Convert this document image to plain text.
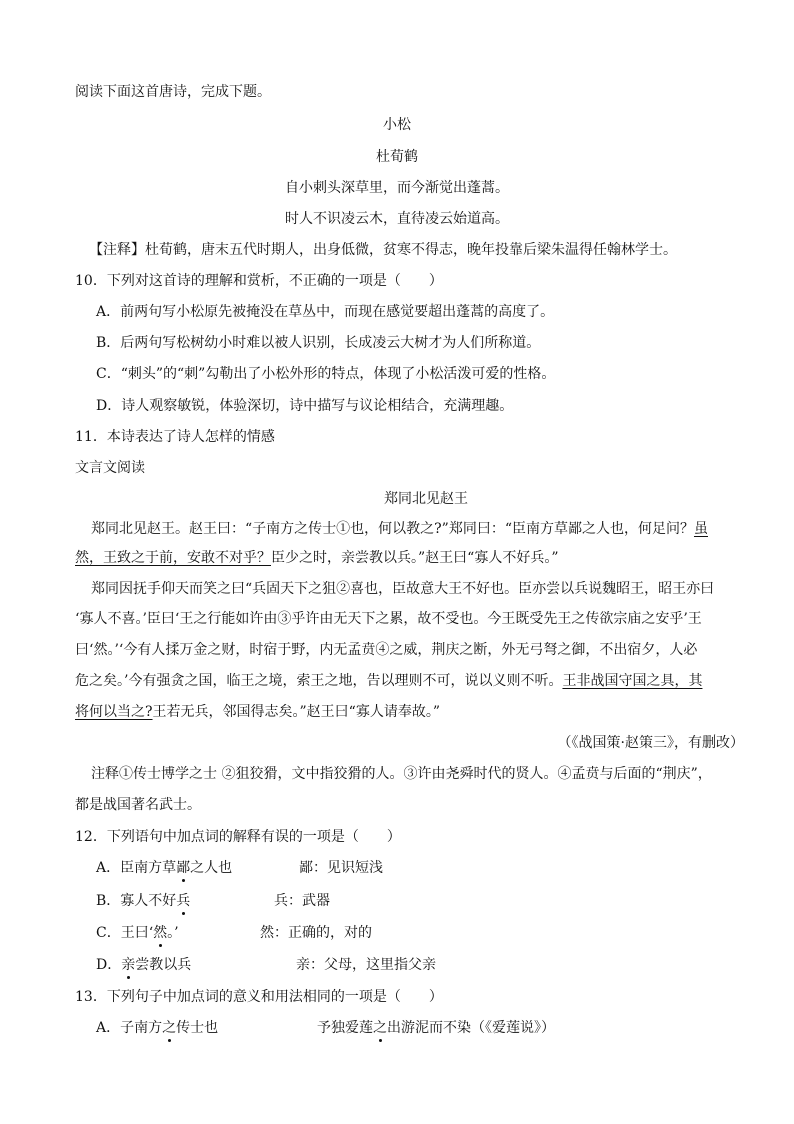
阅读下面这首唐诗，完成下题。
小松
杜荀鹤
自小刺头深草里，而今渐觉出蓬蒿。
时人不识凌云木，直待凌云始道高。
【注释】杜荀鹤，唐末五代时期人，出身低微，贫寒不得志，晚年投靠后梁朱温得任翰林学士。
10．下列对这首诗的理解和赏析，不正确的一项是（　　）
A．前两句写小松原先被掩没在草丛中，而现在感觉要超出蓬蒿的高度了。
B．后两句写松树幼小时难以被人识别，长成凌云大树才为人们所称道。
C．“刺头”的“刺”勾勒出了小松外形的特点，体现了小松活泼可爱的性格。
D．诗人观察敏锐，体验深切，诗中描写与议论相结合，充满理趣。
11．本诗表达了诗人怎样的情感
文言文阅读
郑同北见赵王
郑同北见赵王。赵王曰：“子南方之传士①也，何以教之?”郑同曰：“臣南方草鄙之人也，何足问？虽
然，王致之于前，安敢不对乎？臣少之时，亲尝教以兵。”赵王曰“寡人不好兵。”
郑同因抚手仰天而笑之曰“兵固天下之狙②喜也，臣故意大王不好也。臣亦尝以兵说魏昭王，昭王亦曰
‘寡人不喜。’臣曰‘王之行能如许由③乎许由无天下之累，故不受也。今王既受先王之传欲宗庙之安乎’王
曰‘然。’‘今有人揉万金之财，时宿于野，内无孟贲④之威，荆庆之断，外无弓弩之御，不出宿夕，人必
危之矣。’今有强贪之国，临王之境，索王之地，告以理则不可，说以义则不听。王非战国守国之具，其
将何以当之?王若无兵，邻国得志矣。”赵王曰“寡人请奉故。”
（《战国策·赵策三》，有删改）
注释①传士博学之士 ②狙狡猾，文中指狡猾的人。③许由尧舜时代的贤人。④孟贲与后面的“荆庆”，
都是战国著名武士。
12．下列语句中加点词的解释有误的一项是（　　）
A．臣南方草鄙之人也	鄙：见识短浅
B．寡人不好兵	兵：武器
C．王曰‘然。’	然：正确的，对的
D．亲尝教以兵	亲：父母，这里指父亲
13．下列句子中加点词的意义和用法相同的一项是（　　）
A．子南方之传士也	予独爱莲之出游泥而不染（《爱莲说》）
